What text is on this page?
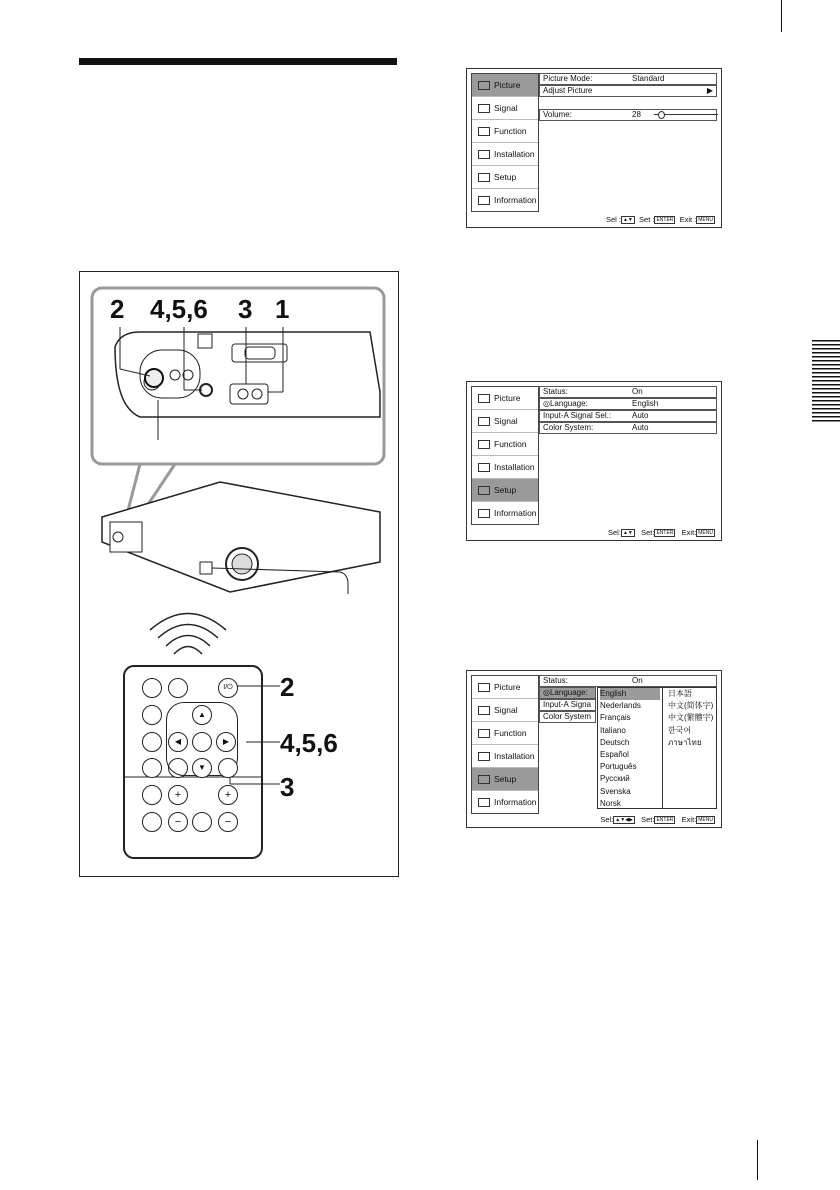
2 4,5,6 3 1
I/⏻
▲
◀	▶
▼
+	+
−	−
2
4,5,6
3
Picture
Signal
Function
Installation
Setup
Information
Picture Mode:	Standard
Adjust Picture	▶
Volume:	28
Sel : ▲▼ Set : ENTER Exit : MENU
Picture
Signal
Function
Installation
Setup
Information
Status:	On
◎Language:	English
Input-A Signal Sel.:	Auto
Color System:	Auto
Sel: ▲▼ Set: ENTER Exit: MENU
Picture
Signal
Function
Installation
Setup
Information
Status:	On
◎Language:
Input-A Signa
Color System
English
Nederlands
Français
Italiano
Deutsch
Español
Português
Русский
Svenska
Norsk
日本語
中文(简体字)
中文(繁體字)
한국어
ภาษาไทย
Sel: ▲▼◀▶ Set: ENTER Exit: MENU
